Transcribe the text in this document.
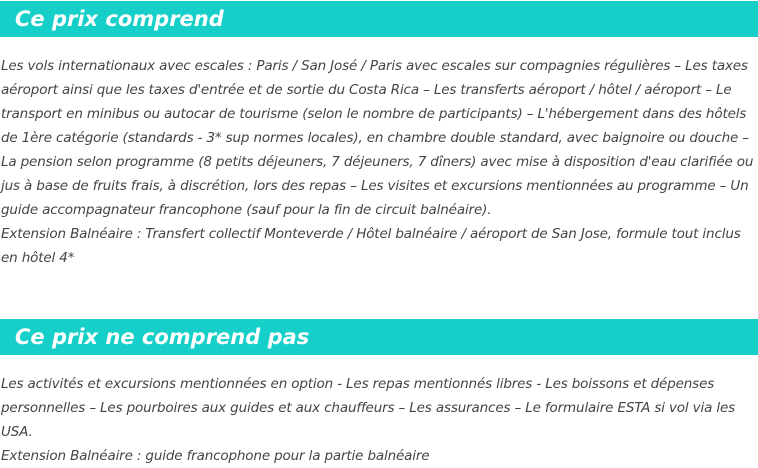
Ce prix comprend

Les vols internationaux avec escales : Paris / San José / Paris avec escales sur compagnies régulières – Les taxes aéroport ainsi que les taxes d'entrée et de sortie du Costa Rica – Les transferts aéroport / hôtel / aéroport – Le transport en minibus ou autocar de tourisme (selon le nombre de participants) – L'hébergement dans des hôtels de 1ère catégorie (standards - 3* sup normes locales), en chambre double standard, avec baignoire ou douche – La pension selon programme (8 petits déjeuners, 7 déjeuners, 7 dîners) avec mise à disposition d'eau clarifiée ou jus à base de fruits frais, à discrétion, lors des repas – Les visites et excursions mentionnées au programme – Un guide accompagnateur francophone (sauf pour la fin de circuit balnéaire).

Extension Balnéaire : Transfert collectif Monteverde / Hôtel balnéaire / aéroport de San Jose, formule tout inclus en hôtel 4*

Ce prix ne comprend pas

Les activités et excursions mentionnées en option - Les repas mentionnés libres - Les boissons et dépenses personnelles – Les pourboires aux guides et aux chauffeurs – Les assurances – Le formulaire ESTA si vol via les USA.

Extension Balnéaire : guide francophone pour la partie balnéaire
